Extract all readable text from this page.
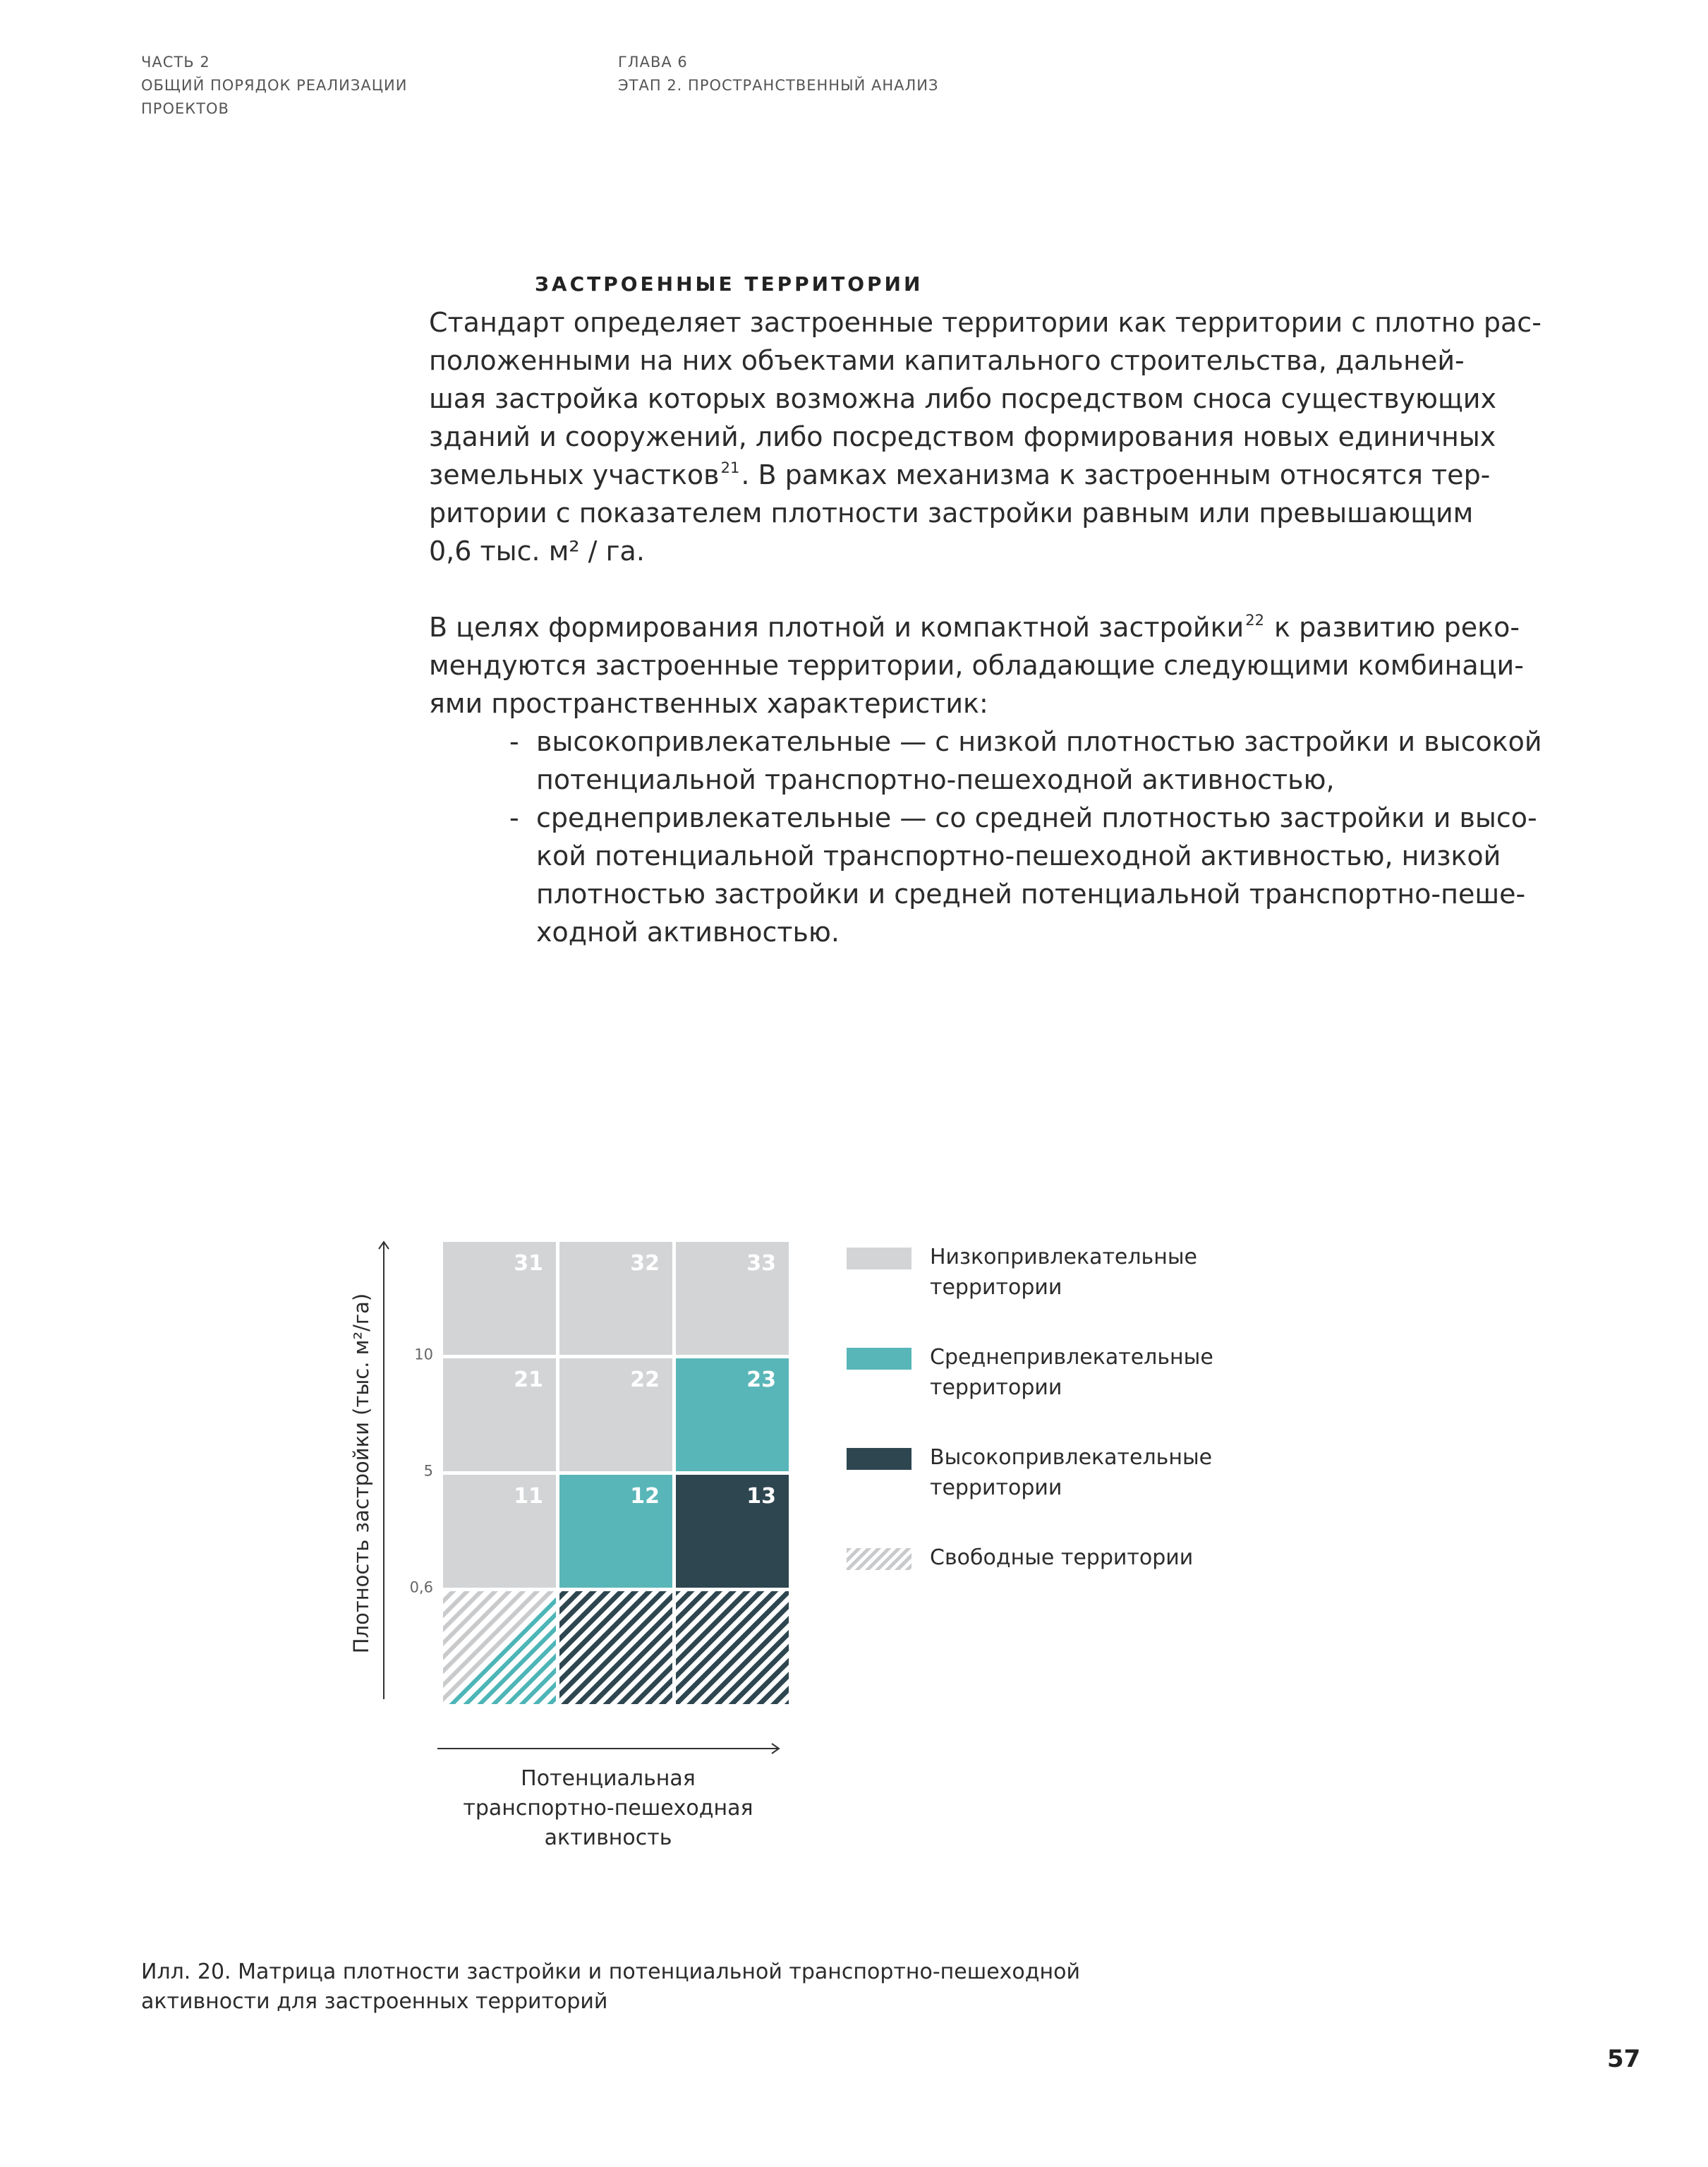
ЧАСТЬ 2
ОБЩИЙ ПОРЯДОК РЕАЛИЗАЦИИ
ПРОЕКТОВ
ГЛАВА 6
ЭТАП 2. ПРОСТРАНСТВЕННЫЙ АНАЛИЗ
ЗАСТРОЕННЫЕ ТЕРРИТОРИИ
Стандарт определяет застроенные территории как территории с плотно рас-
положенными на них объектами капитального строительства, дальней-
шая застройка которых возможна либо посредством сноса существующих
зданий и сооружений, либо посредством формирования новых единичных
земельных участков$^{21}$. В рамках механизма к застроенным относятся тер-
ритории с показателем плотности застройки равным или превышающим
0,6 тыс. м² / га.
В целях формирования плотной и компактной застройки$^{22}$ к развитию реко-
мендуются застроенные территории, обладающие следующими комбинаци-
ями пространственных характеристик:
- высокопривлекательные — с низкой плотностью застройки и высокой
потенциальной транспортно-пешеходной активностью,
- среднепривлекательные — со средней плотностью застройки и высо-
кой потенциальной транспортно-пешеходной активностью, низкой
плотностью застройки и средней потенциальной транспортно-пеше-
ходной активностью.
31	32	33
21	22	23
11	12	13
10
5
0,6
Плотность застройки (тыс. м²/га)
Потенциальная
транспортно-пешеходная
активность
Низкопривлекательные
территории
Среднепривлекательные
территории
Высокопривлекательные
территории
Свободные территории
Илл. 20. Матрица плотности застройки и потенциальной транспортно-пешеходной
активности для застроенных территорий
57
